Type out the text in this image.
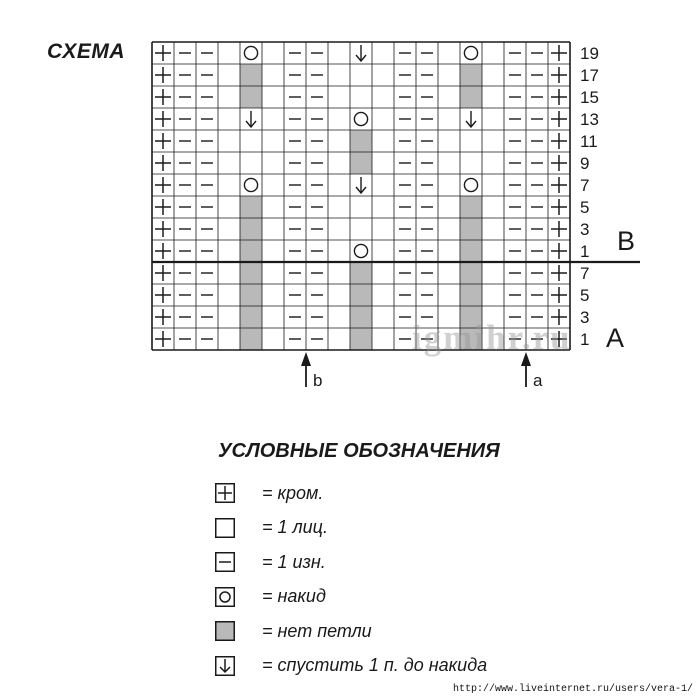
СХЕМА	19
17
15
13
11
9
7
5
3
1
7
5
3
1
B
A
b	a
igmihr.ru
УСЛОВНЫЕ ОБОЗНАЧЕНИЯ
= кром.
= 1 лиц.
= 1 изн.
= накид
= нет петли
= спустить 1 п. до накида
http://www.liveinternet.ru/users/vera-1/
